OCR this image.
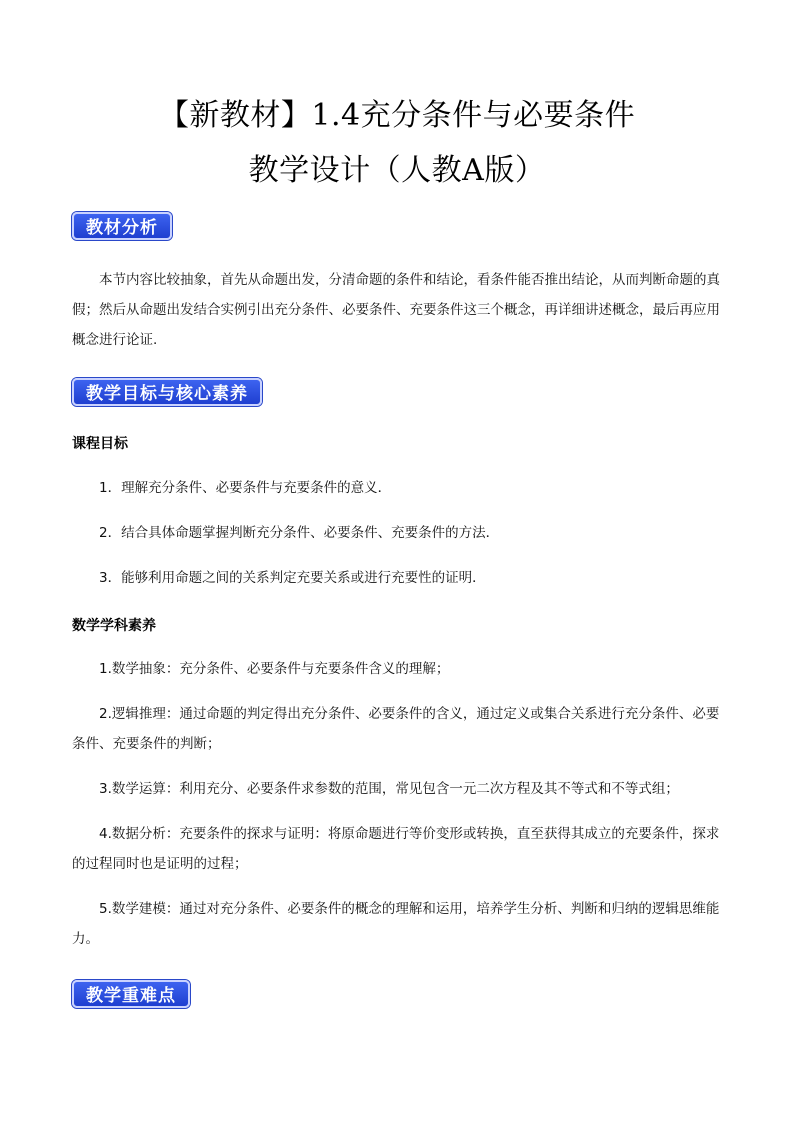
【新教材】1.4充分条件与必要条件
教学设计（人教A版）
教材分析
本节内容比较抽象，首先从命题出发，分清命题的条件和结论，看条件能否推出结论，从而判断命题的真假；然后从命题出发结合实例引出充分条件、必要条件、充要条件这三个概念，再详细讲述概念，最后再应用概念进行论证.
教学目标与核心素养
课程目标
1．理解充分条件、必要条件与充要条件的意义．
2．结合具体命题掌握判断充分条件、必要条件、充要条件的方法．
3．能够利用命题之间的关系判定充要关系或进行充要性的证明．
数学学科素养
1.数学抽象：充分条件、必要条件与充要条件含义的理解；
2.逻辑推理：通过命题的判定得出充分条件、必要条件的含义，通过定义或集合关系进行充分条件、必要条件、充要条件的判断；
3.数学运算：利用充分、必要条件求参数的范围，常见包含一元二次方程及其不等式和不等式组；
4.数据分析：充要条件的探求与证明：将原命题进行等价变形或转换，直至获得其成立的充要条件，探求的过程同时也是证明的过程；
5.数学建模：通过对充分条件、必要条件的概念的理解和运用，培养学生分析、判断和归纳的逻辑思维能力。
教学重难点
